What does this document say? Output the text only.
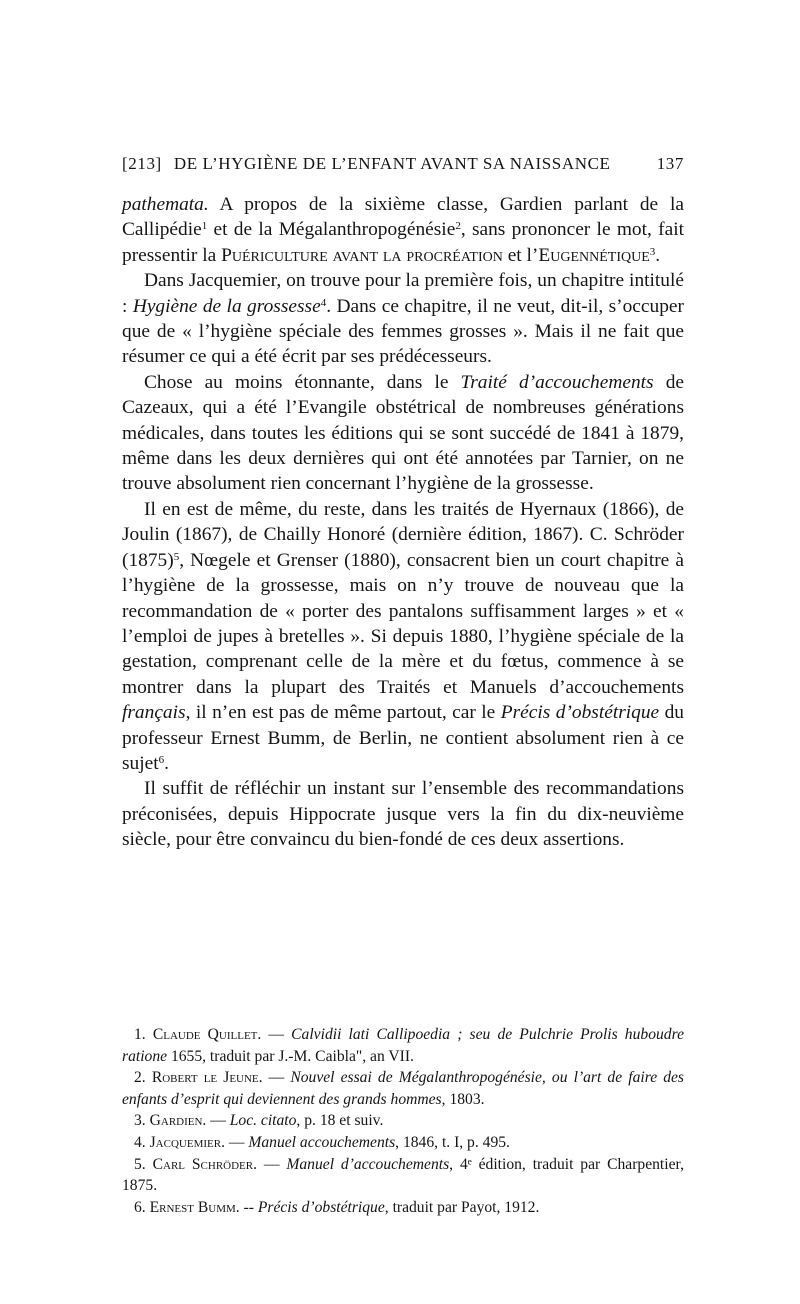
[213] DE L’HYGIÈNE DE L’ENFANT AVANT SA NAISSANCE	137

pathemata. A propos de la sixième classe, Gardien parlant de la Callipédie$^1$ et de la Mégalanthropogénésie$^2$, sans prononcer le mot, fait pressentir la Puériculture avant la procréation et l’Eugennétique$^3$.

Dans Jacquemier, on trouve pour la première fois, un chapitre intitulé : Hygiène de la grossesse$^4$. Dans ce chapitre, il ne veut, dit-il, s’occuper que de « l’hygiène spéciale des femmes grosses ». Mais il ne fait que résumer ce qui a été écrit par ses prédécesseurs.

Chose au moins étonnante, dans le Traité d’accouchements de Cazeaux, qui a été l’Evangile obstétrical de nombreuses générations médicales, dans toutes les éditions qui se sont succédé de 1841 à 1879, même dans les deux dernières qui ont été annotées par Tarnier, on ne trouve absolument rien concernant l’hygiène de la grossesse.

Il en est de même, du reste, dans les traités de Hyernaux (1866), de Joulin (1867), de Chailly Honoré (dernière édition, 1867). C. Schröder $(1875)^5$, Nœgele et Grenser (1880), consacrent bien un court chapitre à l’hygiène de la grossesse, mais on n’y trouve de nouveau que la recommandation de « porter des pantalons suffisamment larges » et « l’emploi de jupes à bretelles ». Si depuis 1880, l’hygiène spéciale de la gestation, comprenant celle de la mère et du fœtus, commence à se montrer dans la plupart des Traités et Manuels d’accouchements français, il n’en est pas de même partout, car le Précis d’obstétrique du professeur Ernest Bumm, de Berlin, ne contient absolument rien à ce sujet$^6$.

Il suffit de réfléchir un instant sur l’ensemble des recommandations préconisées, depuis Hippocrate jusque vers la fin du dix-neuvième siècle, pour être convaincu du bien-fondé de ces deux assertions.

1. Claude Quillet. — Calvidii lati Callipoedia ; seu de Pulchrie Prolis huboudre ratione 1655, traduit par J.-M. Caibla", an VII.

2. Robert le Jeune. — Nouvel essai de Mégalanthropogénésie, ou l’art de faire des enfants d’esprit qui deviennent des grands hommes, 1803.

3. Gardien. — Loc. citato, p. 18 et suiv.

4. Jacquemier. — Manuel accouchements, 1846, t. I, p. 495.

5. Carl Schröder. — Manuel d’accouchements, 4ᵉ édition, traduit par Charpentier, 1875.

6. Ernest Bumm. -- Précis d’obstétrique, traduit par Payot, 1912.
